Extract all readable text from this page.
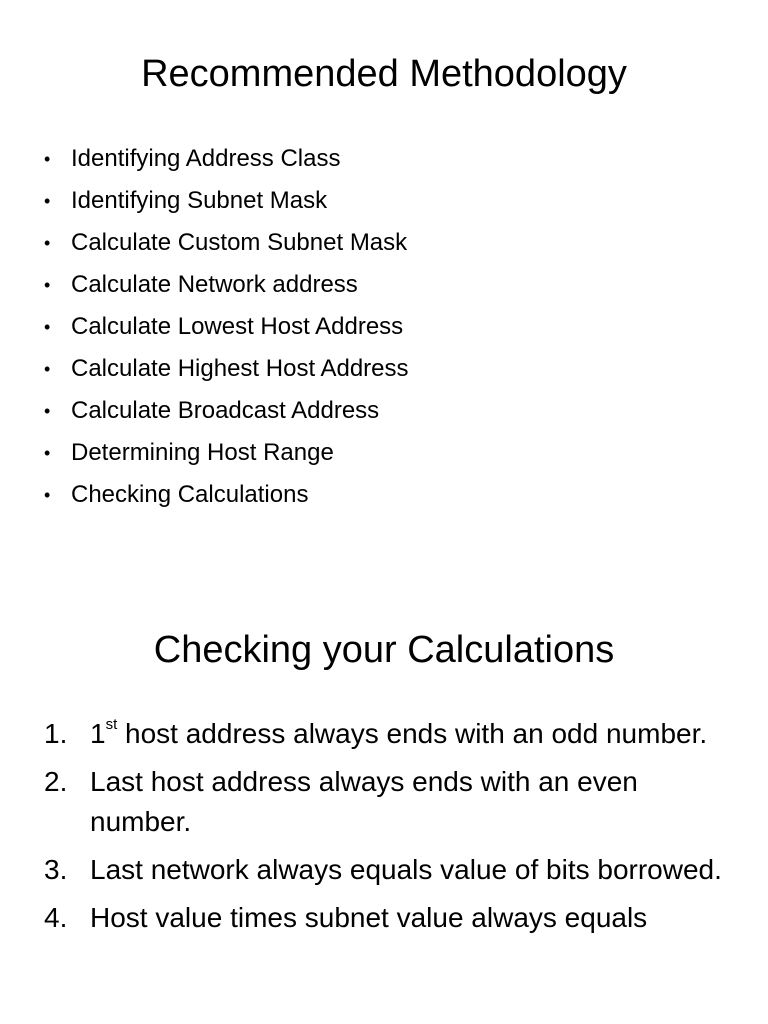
Recommended Methodology
• Identifying Address Class
• Identifying Subnet Mask
• Calculate Custom Subnet Mask
• Calculate Network address
• Calculate Lowest Host Address
• Calculate Highest Host Address
• Calculate Broadcast Address
• Determining Host Range
• Checking Calculations
Checking your Calculations
1. 1st host address always ends with an odd number.
2. Last host address always ends with an even number.
3. Last network always equals value of bits borrowed.
4. Host value times subnet value always equals
